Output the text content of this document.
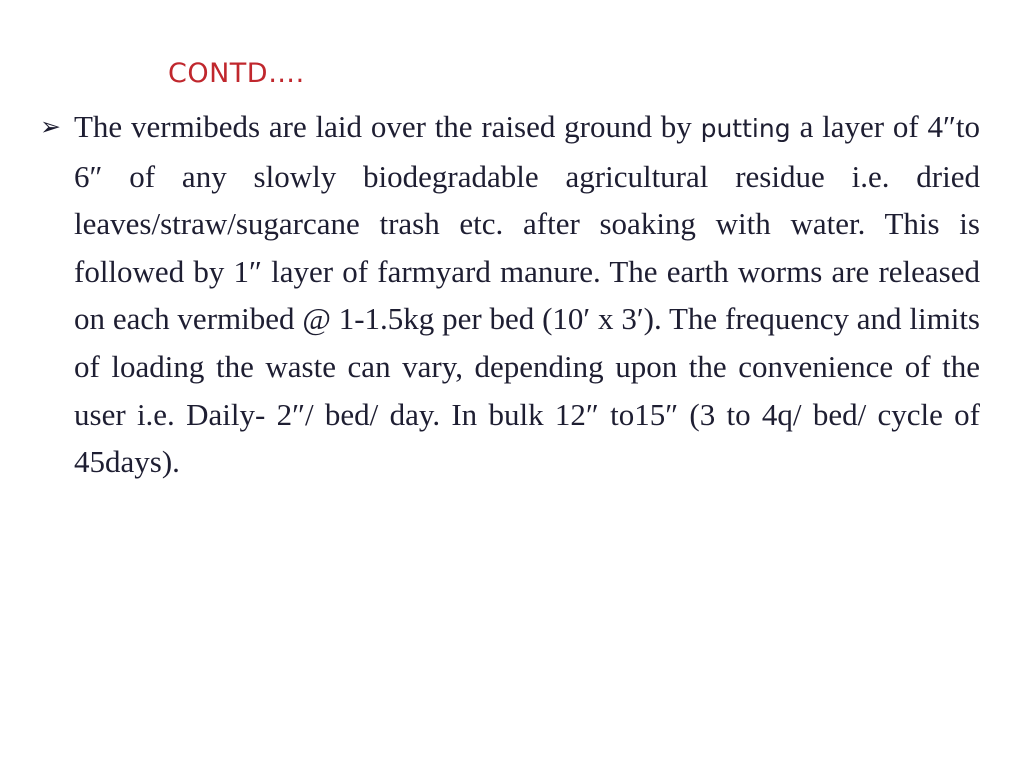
CONTD….
➢ The vermibeds are laid over the raised ground by putting a layer of 4″to 6″ of any slowly biodegradable agricultural residue i.e. dried leaves/straw/sugarcane trash etc. after soaking with water. This is followed by 1″ layer of farmyard manure. The earth worms are released on each vermibed @ 1-1.5kg per bed (10′ x 3′). The frequency and limits of loading the waste can vary, depending upon the convenience of the user i.e. Daily- 2″/ bed/ day. In bulk 12″ to15″ (3 to 4q/ bed/ cycle of 45days).
